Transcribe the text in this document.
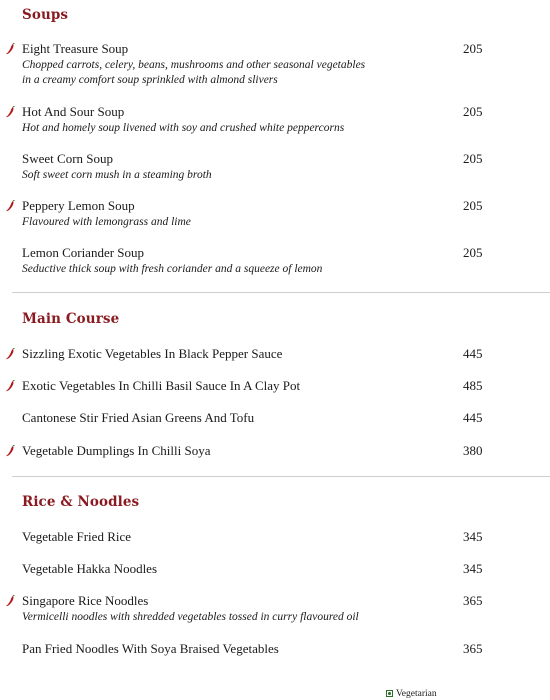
Soups
Eight Treasure Soup	205
Chopped carrots, celery, beans, mushrooms and other seasonal vegetables
in a creamy comfort soup sprinkled with almond slivers
Hot And Sour Soup	205
Hot and homely soup livened with soy and crushed white peppercorns
Sweet Corn Soup	205
Soft sweet corn mush in a steaming broth
Peppery Lemon Soup	205
Flavoured with lemongrass and lime
Lemon Coriander Soup	205
Seductive thick soup with fresh coriander and a squeeze of lemon
Main Course
Sizzling Exotic Vegetables In Black Pepper Sauce	445
Exotic Vegetables In Chilli Basil Sauce In A Clay Pot	485
Cantonese Stir Fried Asian Greens And Tofu	445
Vegetable Dumplings In Chilli Soya	380
Rice & Noodles
Vegetable Fried Rice	345
Vegetable Hakka Noodles	345
Singapore Rice Noodles	365
Vermicelli noodles with shredded vegetables tossed in curry flavoured oil
Pan Fried Noodles With Soya Braised Vegetables	365
Vegetarian
